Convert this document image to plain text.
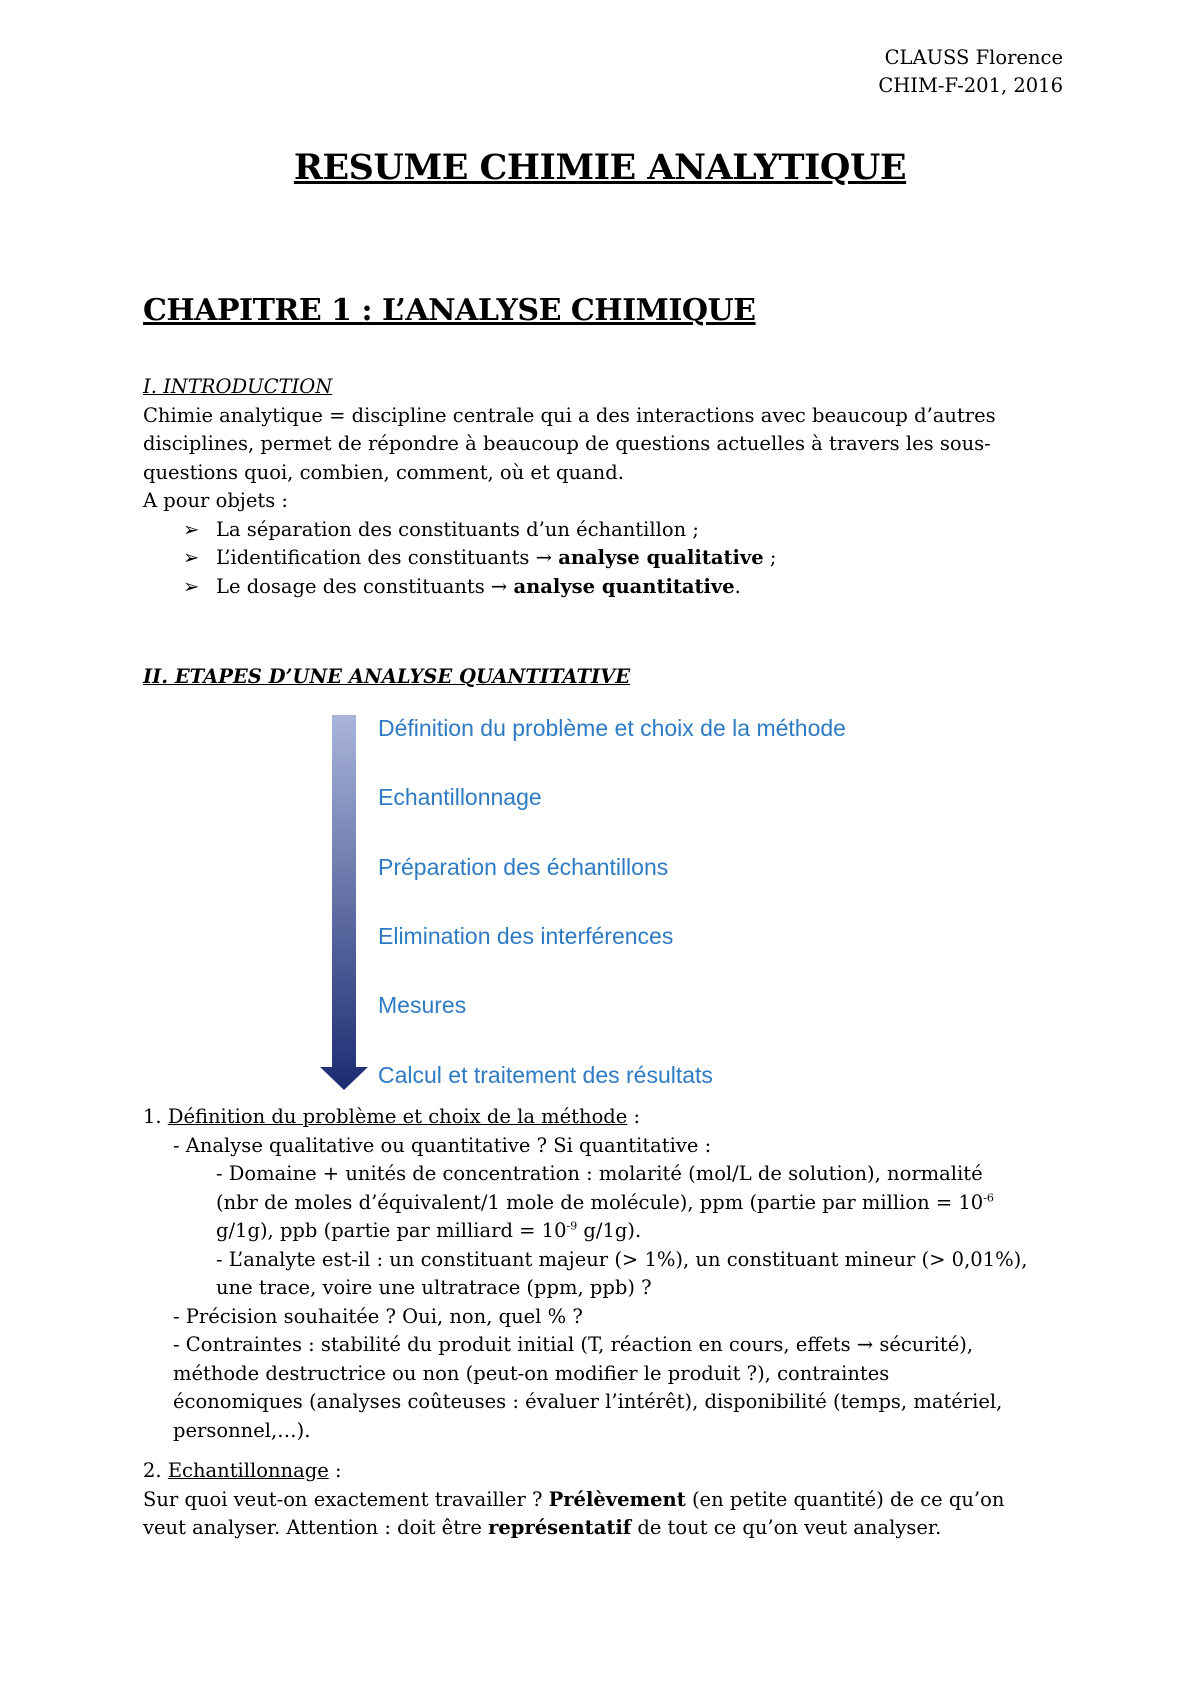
CLAUSS Florence
CHIM-F-201, 2016
RESUME CHIMIE ANALYTIQUE
CHAPITRE 1 : L’ANALYSE CHIMIQUE

I. INTRODUCTION

Chimie analytique = discipline centrale qui a des interactions avec beaucoup d’autres

disciplines, permet de répondre à beaucoup de questions actuelles à travers les sous-

questions quoi, combien, comment, où et quand.

A pour objets :

➢ La séparation des constituants d’un échantillon ;
➢ L’identification des constituants → analyse qualitative ;
➢ Le dosage des constituants → analyse quantitative.

II. ETAPES D’UNE ANALYSE QUANTITATIVE

Définition du problème et choix de la méthode
Echantillonnage
Préparation des échantillons
Elimination des interférences
Mesures
Calcul et traitement des résultats

1. Définition du problème et choix de la méthode :

- Analyse qualitative ou quantitative ? Si quantitative :

- Domaine + unités de concentration : molarité (mol/L de solution), normalité

(nbr de moles d’équivalent/1 mole de molécule), ppm (partie par million = $10^{-6}$

g/1g), ppb (partie par milliard = $10^{-9}$ g/1g).

- L’analyte est-il : un constituant majeur (> 1%), un constituant mineur (> 0,01%),

une trace, voire une ultratrace (ppm, ppb) ?

- Précision souhaitée ? Oui, non, quel % ?

- Contraintes : stabilité du produit initial (T, réaction en cours, effets → sécurité),

méthode destructrice ou non (peut-on modifier le produit ?), contraintes

économiques (analyses coûteuses : évaluer l’intérêt), disponibilité (temps, matériel,

personnel,…).

2. Echantillonnage :

Sur quoi veut-on exactement travailler ? Prélèvement (en petite quantité) de ce qu’on

veut analyser. Attention : doit être représentatif de tout ce qu’on veut analyser.
